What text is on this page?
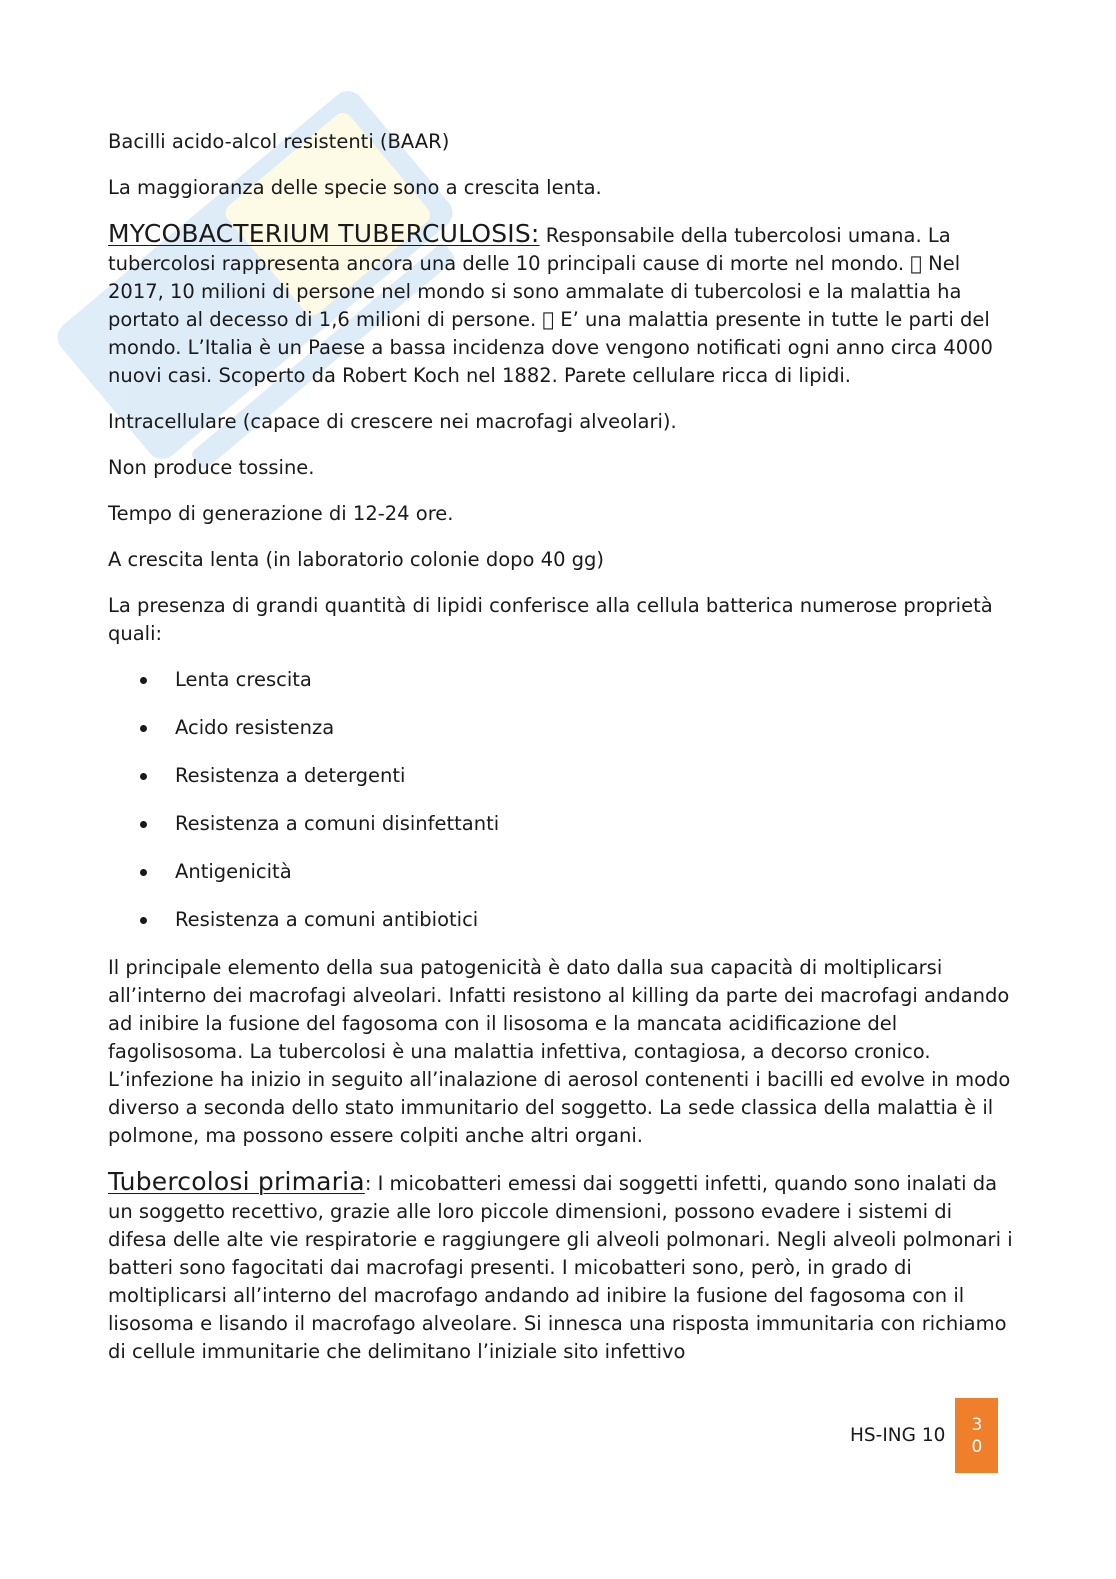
Bacilli acido-alcol resistenti (BAAR)

La maggioranza delle specie sono a crescita lenta.

MYCOBACTERIUM TUBERCULOSIS: Responsabile della tubercolosi umana. La tubercolosi rappresenta ancora una delle 10 principali cause di morte nel mondo. Nel 2017, 10 milioni di persone nel mondo si sono ammalate di tubercolosi e la malattia ha portato al decesso di 1,6 milioni di persone. E’ una malattia presente in tutte le parti del mondo. L’Italia è un Paese a bassa incidenza dove vengono notificati ogni anno circa 4000 nuovi casi. Scoperto da Robert Koch nel 1882. Parete cellulare ricca di lipidi.

Intracellulare (capace di crescere nei macrofagi alveolari).

Non produce tossine.

Tempo di generazione di 12-24 ore.

A crescita lenta (in laboratorio colonie dopo 40 gg)

La presenza di grandi quantità di lipidi conferisce alla cellula batterica numerose proprietà quali:

Lenta crescita
Acido resistenza
Resistenza a detergenti
Resistenza a comuni disinfettanti
Antigenicità
Resistenza a comuni antibiotici

Il principale elemento della sua patogenicità è dato dalla sua capacità di moltiplicarsi all’interno dei macrofagi alveolari. Infatti resistono al killing da parte dei macrofagi andando ad inibire la fusione del fagosoma con il lisosoma e la mancata acidificazione del fagolisosoma. La tubercolosi è una malattia infettiva, contagiosa, a decorso cronico. L’infezione ha inizio in seguito all’inalazione di aerosol contenenti i bacilli ed evolve in modo diverso a seconda dello stato immunitario del soggetto. La sede classica della malattia è il polmone, ma possono essere colpiti anche altri organi.

Tubercolosi primaria: I micobatteri emessi dai soggetti infetti, quando sono inalati da un soggetto recettivo, grazie alle loro piccole dimensioni, possono evadere i sistemi di difesa delle alte vie respiratorie e raggiungere gli alveoli polmonari. Negli alveoli polmonari i batteri sono fagocitati dai macrofagi presenti. I micobatteri sono, però, in grado di moltiplicarsi all’interno del macrofago andando ad inibire la fusione del fagosoma con il lisosoma e lisando il macrofago alveolare. Si innesca una risposta immunitaria con richiamo di cellule immunitarie che delimitano l’iniziale sito infettivo

HS-ING 10
3
0
